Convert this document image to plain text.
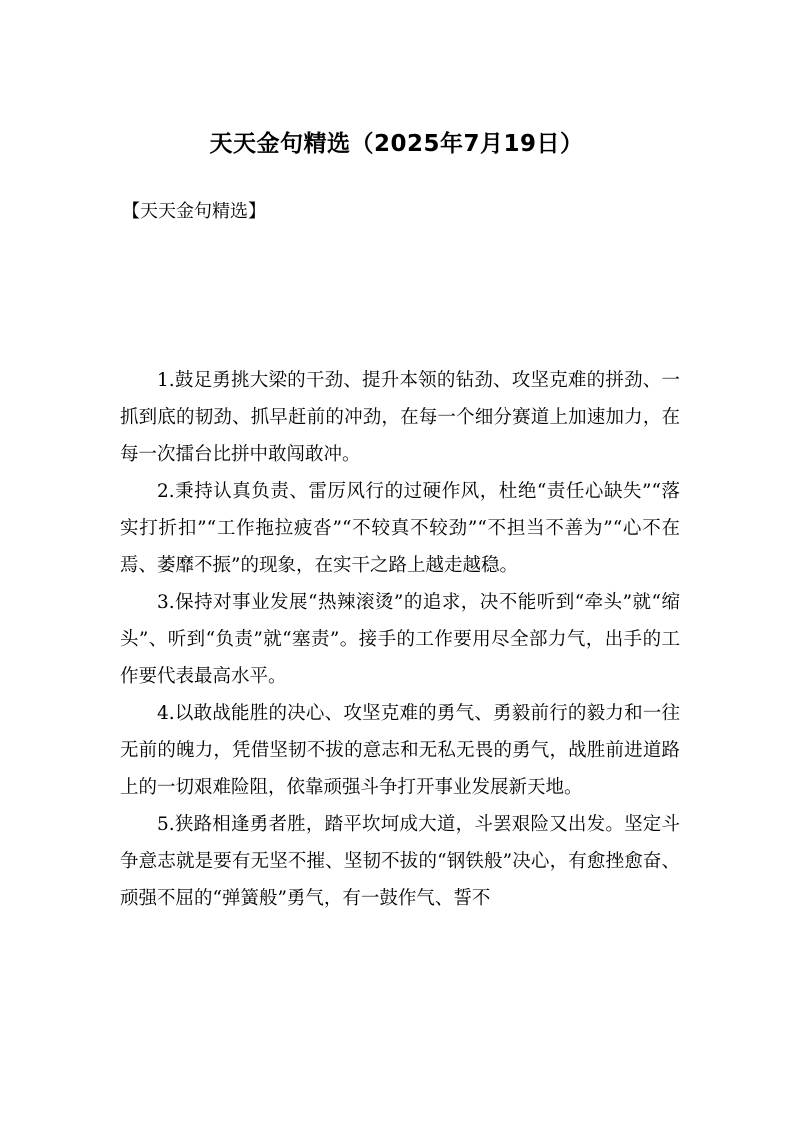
天天金句精选（2025年7月19日）

【天天金句精选】

1.鼓足勇挑大梁的干劲、提升本领的钻劲、攻坚克难的拼劲、一抓到底的韧劲、抓早赶前的冲劲，在每一个细分赛道上加速加力，在每一次擂台比拼中敢闯敢冲。

2.秉持认真负责、雷厉风行的过硬作风，杜绝“责任心缺失”“落实打折扣”“工作拖拉疲沓”“不较真不较劲”“不担当不善为”“心不在焉、萎靡不振”的现象，在实干之路上越走越稳。

3.保持对事业发展“热辣滚烫”的追求，决不能听到“牵头”就“缩头”、听到“负责”就“塞责”。接手的工作要用尽全部力气，出手的工作要代表最高水平。

4.以敢战能胜的决心、攻坚克难的勇气、勇毅前行的毅力和一往无前的魄力，凭借坚韧不拔的意志和无私无畏的勇气，战胜前进道路上的一切艰难险阻，依靠顽强斗争打开事业发展新天地。

5.狭路相逢勇者胜，踏平坎坷成大道，斗罢艰险又出发。坚定斗争意志就是要有无坚不摧、坚韧不拔的“钢铁般”决心，有愈挫愈奋、顽强不屈的“弹簧般”勇气，有一鼓作气、誓不
